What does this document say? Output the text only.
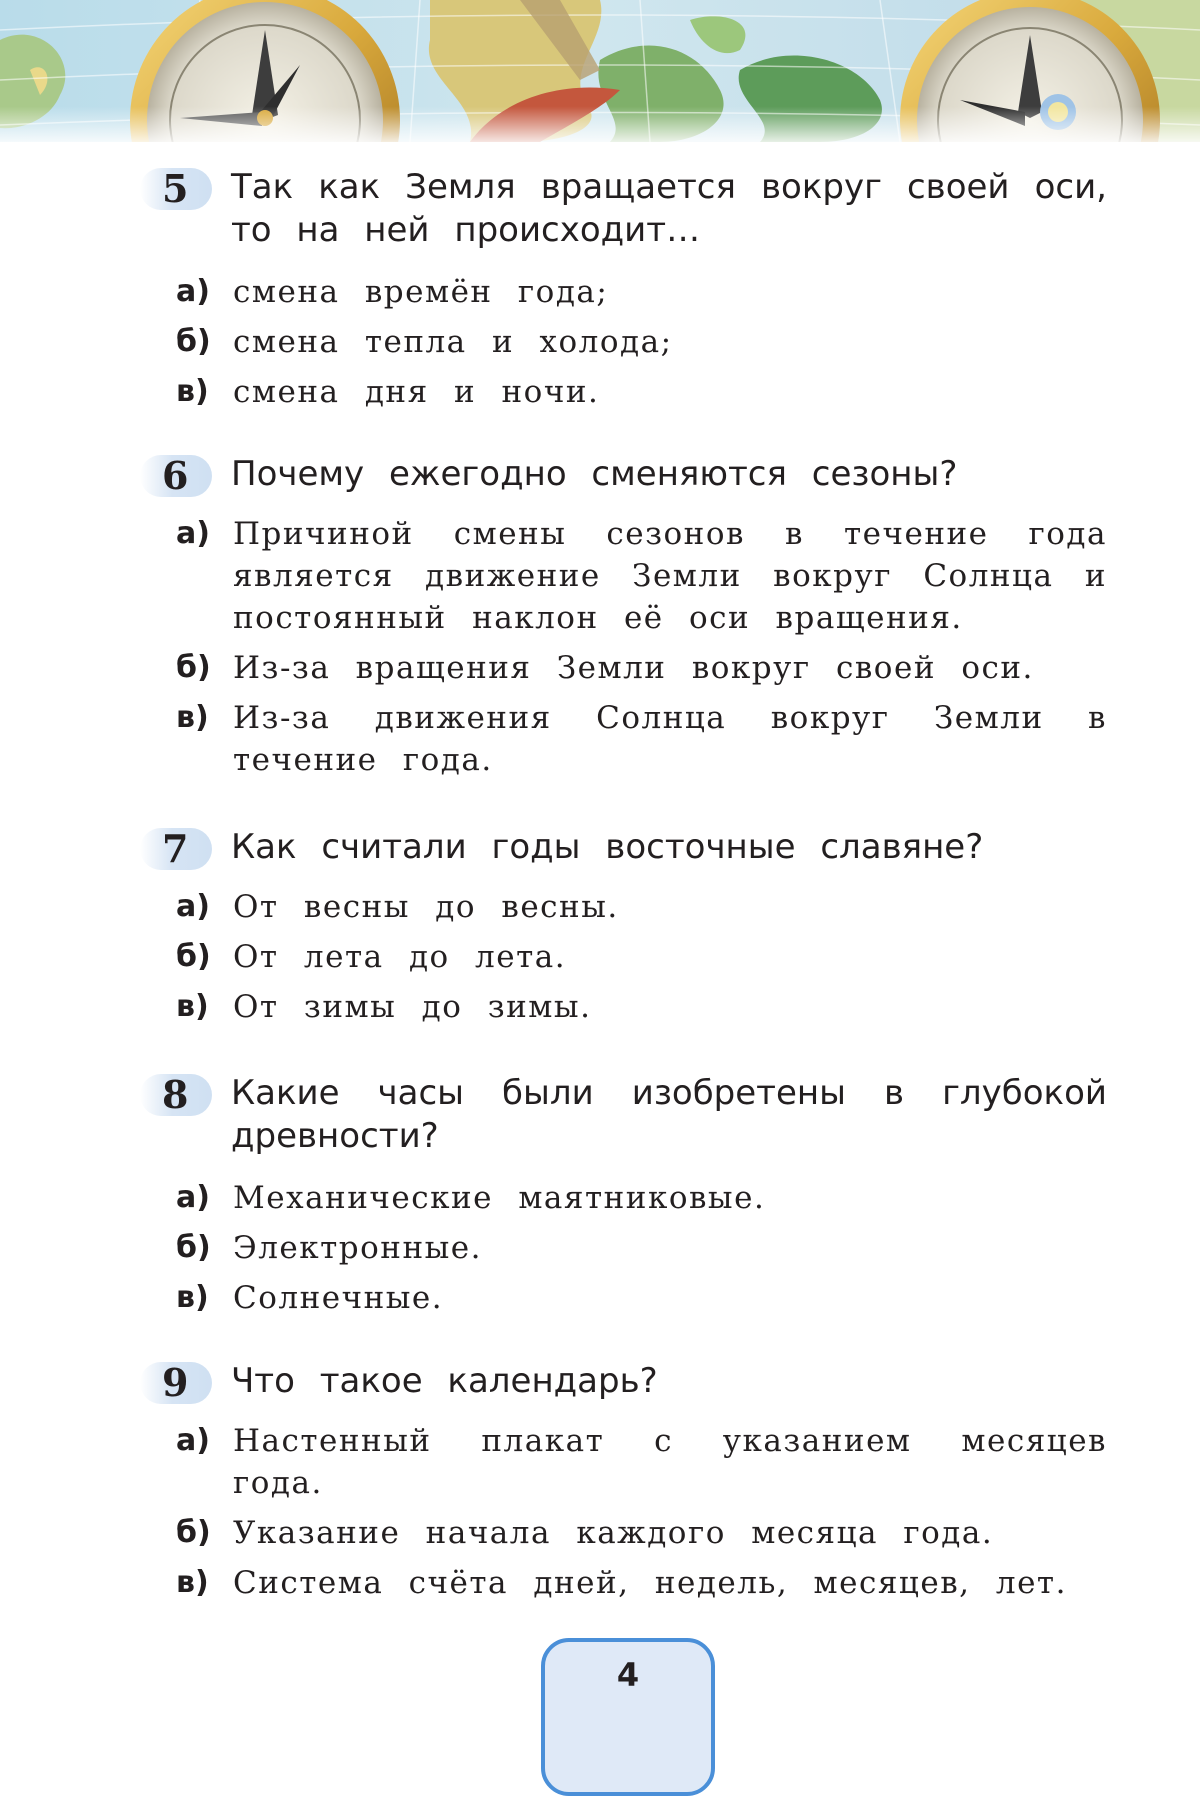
5 Так как Земля вращается вокруг своей оси, то на ней происходит…
а) смена времён года;
б) смена тепла и холода;
в) смена дня и ночи.
6 Почему ежегодно сменяются сезоны?
а) Причиной смены сезонов в течение года является движение Земли вокруг Солнца и постоянный наклон её оси вращения.
б) Из-за вращения Земли вокруг своей оси.
в) Из-за движения Солнца вокруг Земли в течение года.
7 Как считали годы восточные славяне?
а) От весны до весны.
б) От лета до лета.
в) От зимы до зимы.
8 Какие часы были изобретены в глубокой древности?
а) Механические маятниковые.
б) Электронные.
в) Солнечные.
9 Что такое календарь?
а) Настенный плакат с указанием месяцев года.
б) Указание начала каждого месяца года.
в) Система счёта дней, недель, месяцев, лет.
4
